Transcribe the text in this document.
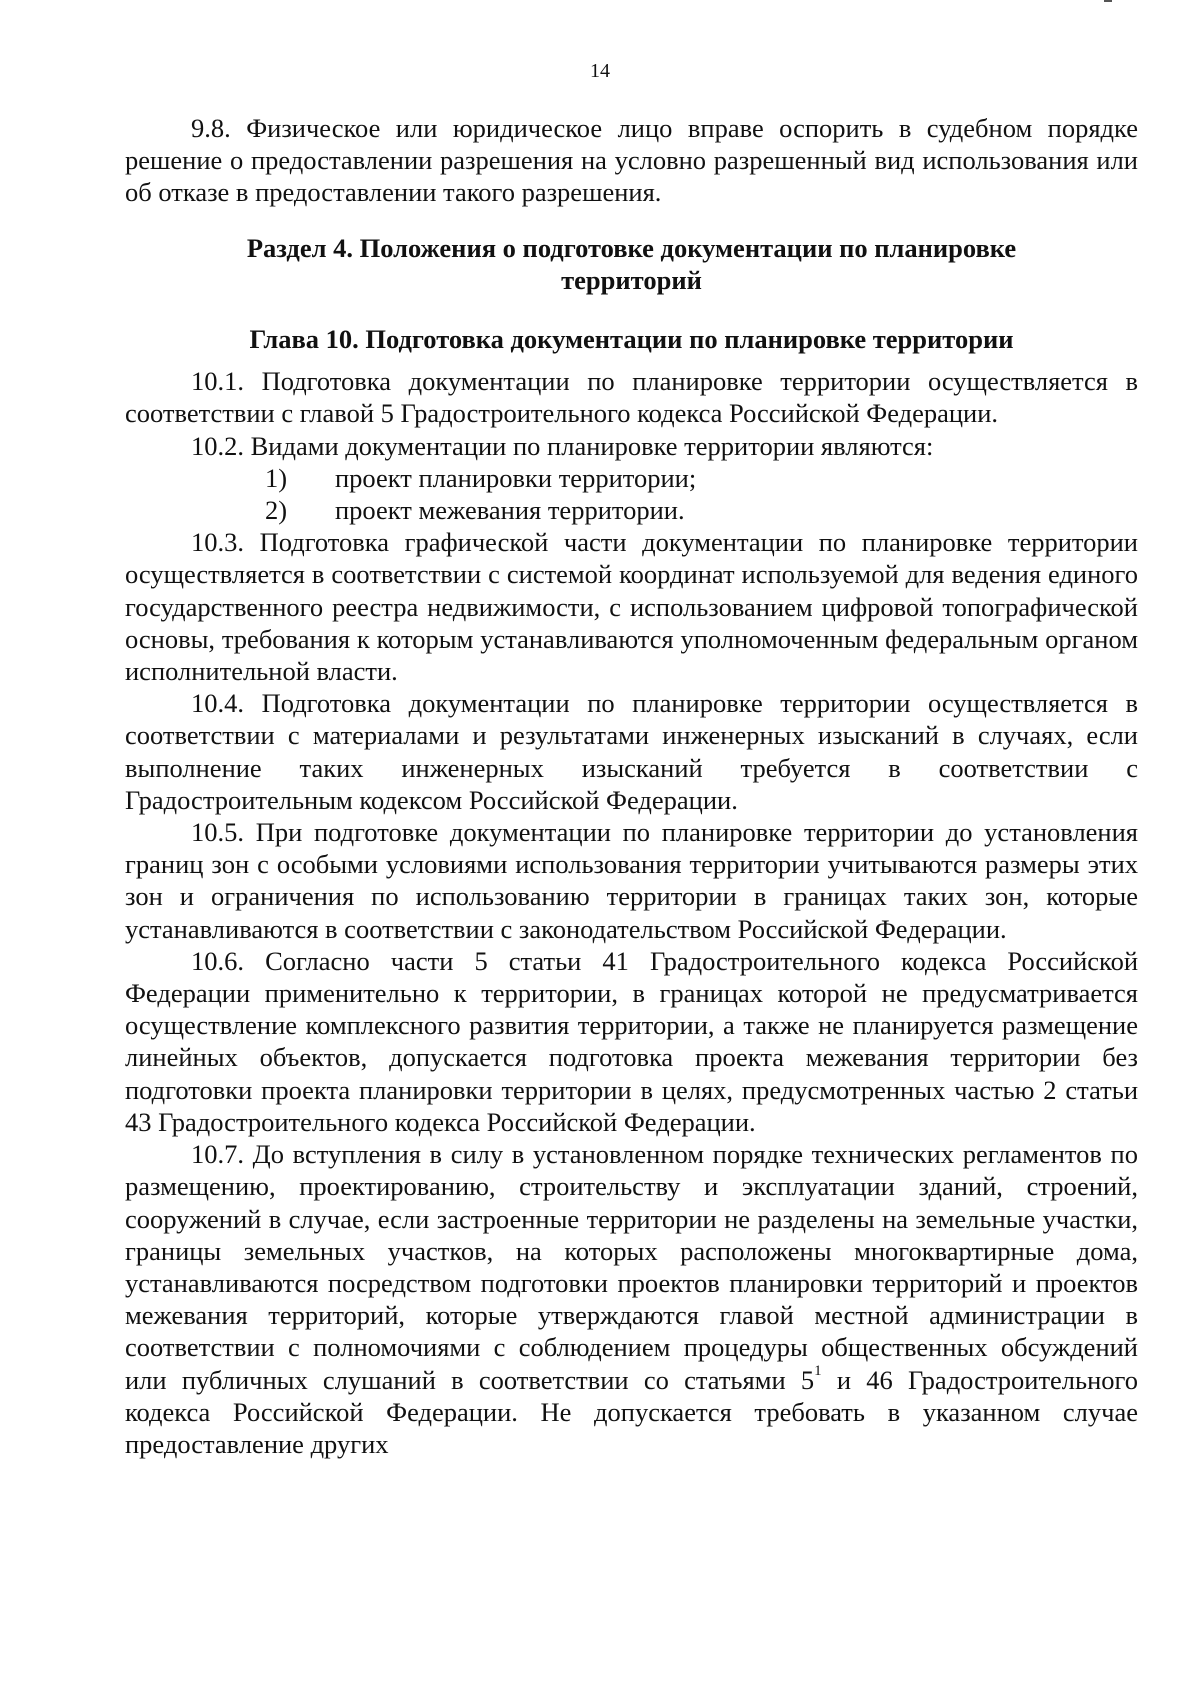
14

9.8. Физическое или юридическое лицо вправе оспорить в судебном порядке решение о предоставлении разрешения на условно разрешенный вид использования или об отказе в предоставлении такого разрешения.

Раздел 4. Положения о подготовке документации по планировке
территорий

Глава 10. Подготовка документации по планировке территории

10.1. Подготовка документации по планировке территории осуществляется в соответствии с главой 5 Градостроительного кодекса Российской Федерации.

10.2. Видами документации по планировке территории являются:

1)	проект планировки территории;
2)	проект межевания территории.

10.3. Подготовка графической части документации по планировке территории осуществляется в соответствии с системой координат используемой для ведения единого государственного реестра недвижимости, с использованием цифровой топографической основы, требования к которым устанавливаются уполномоченным федеральным органом исполнительной власти.

10.4. Подготовка документации по планировке территории осуществляется в соответствии с материалами и результатами инженерных изысканий в случаях, если выполнение таких инженерных изысканий требуется в соответствии с Градостроительным кодексом Российской Федерации.

10.5. При подготовке документации по планировке территории до установления границ зон с особыми условиями использования территории учитываются размеры этих зон и ограничения по использованию территории в границах таких зон, которые устанавливаются в соответствии с законодательством Российской Федерации.

10.6. Согласно части 5 статьи 41 Градостроительного кодекса Российской Федерации применительно к территории, в границах которой не предусматривается осуществление комплексного развития территории, а также не планируется размещение линейных объектов, допускается подготовка проекта межевания территории без подготовки проекта планировки территории в целях, предусмотренных частью 2 статьи 43 Градостроительного кодекса Российской Федерации.

10.7. До вступления в силу в установленном порядке технических регламентов по размещению, проектированию, строительству и эксплуатации зданий, строений, сооружений в случае, если застроенные территории не разделены на земельные участки, границы земельных участков, на которых расположены многоквартирные дома, устанавливаются посредством подготовки проектов планировки территорий и проектов межевания территорий, которые утверждаются главой местной администрации в соответствии с полномочиями с соблюдением процедуры общественных обсуждений или публичных слушаний в соответствии со статьями $5^1$ и 46 Градостроительного кодекса Российской Федерации. Не допускается требовать в указанном случае предоставление других
